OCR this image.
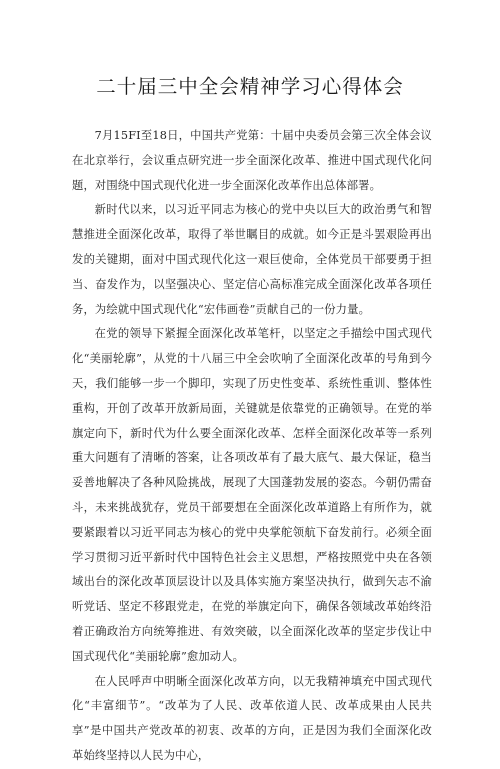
二十届三中全会精神学习心得体会

7月15FI至18日，中国共产党第：十届中央委员会第三次全体会议在北京举行，会议重点研究进一步全面深化改革、推进中国式现代化问题，对围绕中国式现代化进一步全面深化改革作出总体部署。

新时代以来，以习近平同志为核心的党中央以巨大的政治勇气和智慧推进全面深化改革，取得了举世瞩目的成就。如今正是斗罢艰险再出发的关键期，面对中国式现代化这一艰巨使命，全体党员干部要勇于担当、奋发作为，以坚强决心、坚定信心高标准完成全面深化改革各项任务，为绘就中国式现代化“宏伟画卷”贡献自己的一份力量。

在党的领导下紧握全面深化改革笔杆，以坚定之手描绘中国式现代化“美丽轮廓”，从党的十八届三中全会吹响了全面深化改革的号角到今天，我们能够一步一个脚印，实现了历史性变革、系统性重训、整体性重构，开创了改革开放新局面，关键就是依靠党的正确领导。在党的举旗定向下，新时代为什么要全面深化改革、怎样全面深化改革等一系列重大问题有了清晰的答案，让各项改革有了最大底气、最大保证，稳当妥善地解决了各种风险挑战，展现了大国蓬勃发展的姿态。今朝仍需奋斗，未来挑战犹存，党员干部要想在全面深化改革道路上有所作为，就要紧跟着以习近平同志为核心的党中央掌舵领航下奋发前行。必须全面学习贯彻习近平新时代中国特色社会主义思想，严格按照党中央在各领域出台的深化改革顶层设计以及具体实施方案坚决执行，做到矢志不渝听党话、坚定不移跟党走，在党的举旗定向下，确保各领域改革始终沿着正确政治方向统筹推进、有效突破，以全面深化改革的坚定步伐让中国式现代化“美丽轮廓”愈加动人。

在人民呼声中明晰全面深化改革方向，以无我精神填充中国式现代化“丰富细节”。“改革为了人民、改革依道人民、改革成果由人民共享”是中国共产党改革的初衷、改革的方向，正是因为我们全面深化改革始终坚持以人民为中心，
